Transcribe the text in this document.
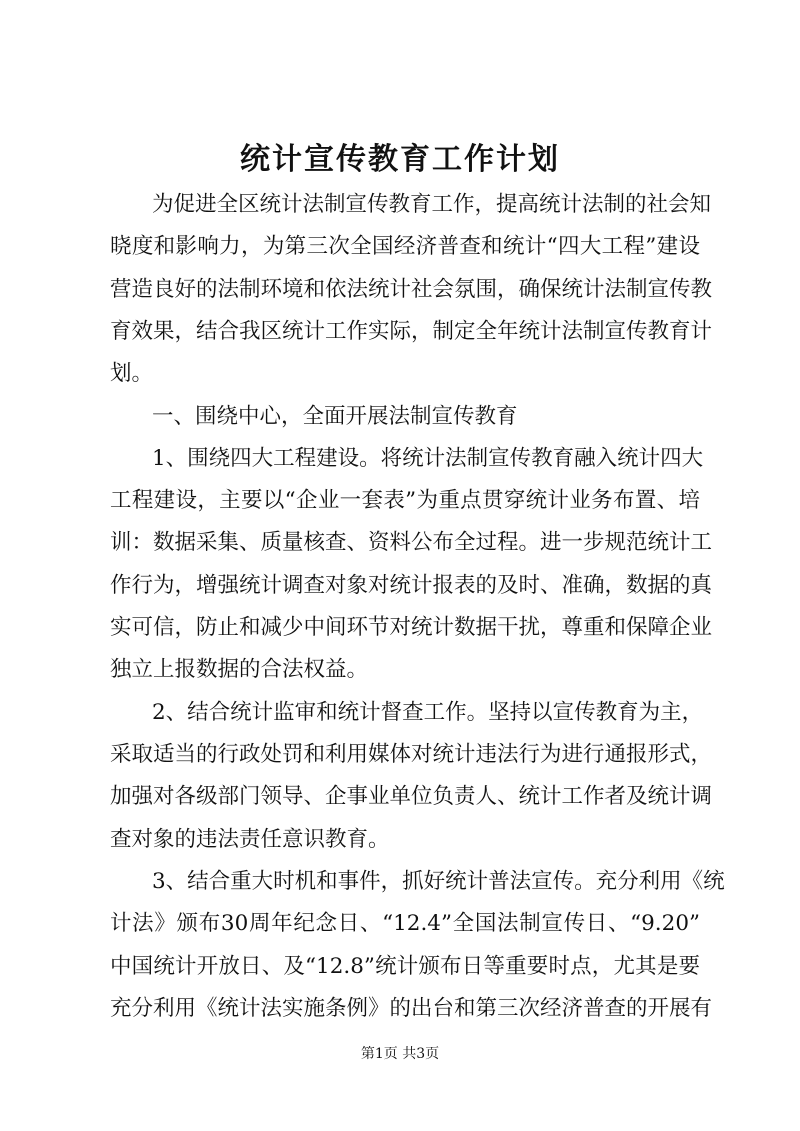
统计宣传教育工作计划
为促进全区统计法制宣传教育工作，提高统计法制的社会知
晓度和影响力，为第三次全国经济普查和统计“四大工程”建设
营造良好的法制环境和依法统计社会氛围，确保统计法制宣传教
育效果，结合我区统计工作实际，制定全年统计法制宣传教育计
划。
一、围绕中心，全面开展法制宣传教育
1、围绕四大工程建设。将统计法制宣传教育融入统计四大
工程建设，主要以“企业一套表”为重点贯穿统计业务布置、培
训：数据采集、质量核查、资料公布全过程。进一步规范统计工
作行为，增强统计调查对象对统计报表的及时、准确，数据的真
实可信，防止和减少中间环节对统计数据干扰，尊重和保障企业
独立上报数据的合法权益。
2、结合统计监审和统计督查工作。坚持以宣传教育为主，
采取适当的行政处罚和利用媒体对统计违法行为进行通报形式，
加强对各级部门领导、企事业单位负责人、统计工作者及统计调
查对象的违法责任意识教育。
3、结合重大时机和事件，抓好统计普法宣传。充分利用《统
计法》颁布30周年纪念日、“12.4”全国法制宣传日、“9.20”
中国统计开放日、及“12.8”统计颁布日等重要时点，尤其是要
充分利用《统计法实施条例》的出台和第三次经济普查的开展有
第1页 共3页
